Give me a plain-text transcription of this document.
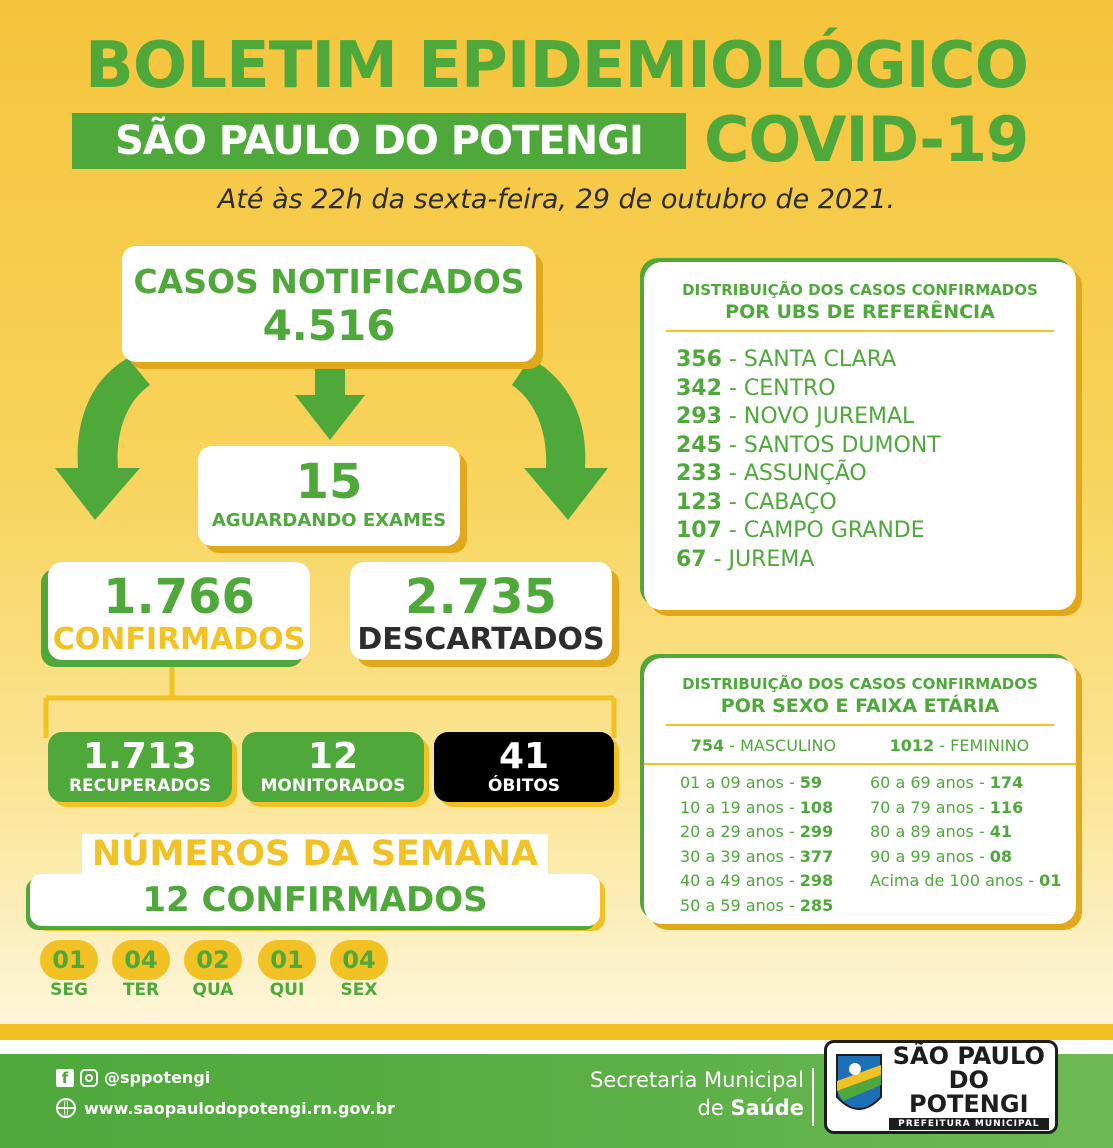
BOLETIM EPIDEMIOLÓGICO
SÃO PAULO DO POTENGI COVID-19
Até às 22h da sexta-feira, 29 de outubro de 2021.
CASOS NOTIFICADOS
4.516
15
AGUARDANDO EXAMES
1.766
CONFIRMADOS
2.735
DESCARTADOS
1.713
RECUPERADOS
12
MONITORADOS
41
ÓBITOS
NÚMEROS DA SEMANA
12 CONFIRMADOS
01
SEG
04
TER
02
QUA
01
QUI
04
SEX
DISTRIBUIÇÃO DOS CASOS CONFIRMADOS
POR UBS DE REFERÊNCIA
356 - SANTA CLARA
342 - CENTRO
293 - NOVO JUREMAL
245 - SANTOS DUMONT
233 - ASSUNÇÃO
123 - CABAÇO
107 - CAMPO GRANDE
67 - JUREMA
DISTRIBUIÇÃO DOS CASOS CONFIRMADOS
POR SEXO E FAIXA ETÁRIA
754 - MASCULINO	1012 - FEMININO
01 a 09 anos - 59
10 a 19 anos - 108
20 a 29 anos - 299
30 a 39 anos - 377
40 a 49 anos - 298
50 a 59 anos - 285
60 a 69 anos - 174
70 a 79 anos - 116
80 a 89 anos - 41
90 a 99 anos - 08
Acima de 100 anos - 01
f	@sppotengi
www.saopaulodopotengi.rn.gov.br
Secretaria Municipal
de Saúde
SÃO PAULO
DO POTENGI
PREFEITURA MUNICIPAL
